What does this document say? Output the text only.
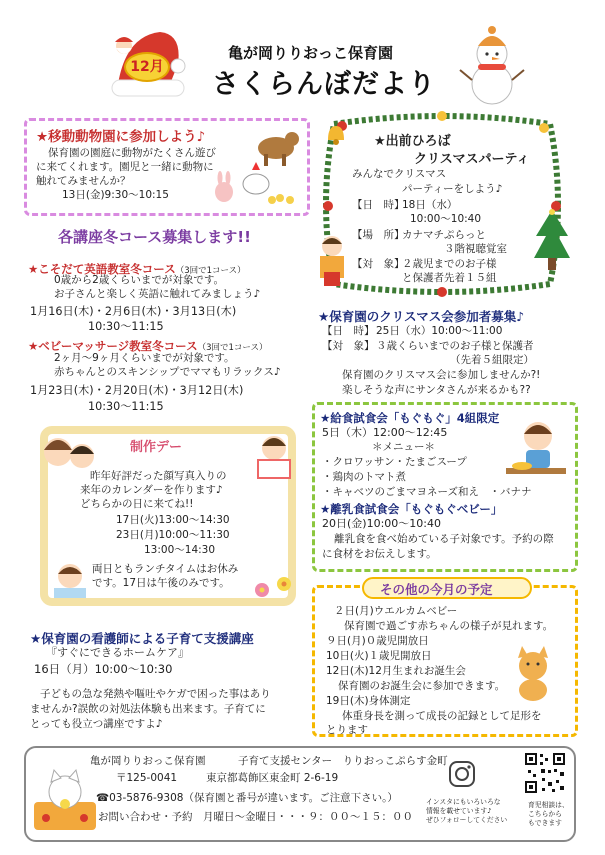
12月
亀が岡りりおっこ保育園
さくらんぼだより
★移動動物園に参加しよう♪
保育園の園庭に動物がたくさん遊び
に来てくれます。園児と一緒に動物に
触れてみませんか？
13日(金)9:30〜10:15
各講座冬コース募集します!!
★こそだて英語教室冬コース（3回で1コース）
0歳から2歳くらいまでが対象です。
お子さんと楽しく英語に触れてみましょう♪
1月16日(木)・2月6日(木)・3月13日(木)
10:30〜11:15
★ベビーマッサージ教室冬コース（3回で1コース）
2ヶ月〜9ヶ月くらいまでが対象です。
赤ちゃんとのスキンシップでママもリラックス♪
1月23日(木)・2月20日(木)・3月12日(木)
10:30〜11:15
制作デー
昨年好評だった顔写真入りの
来年のカレンダーを作ります♪
どちらかの日に来てね!!
17日(火)13:00〜14:30
23日(月)10:00〜11:30
13:00〜14:30
両日ともランチタイムはお休み
です。17日は午後のみです。
★保育園の看護師による子育て支援講座
『すぐにできるホームケア』
16日（月）10:00〜10:30
子どもの急な発熱や嘔吐やケガで困った事はあり
ませんか?誤飲の対処法体験も出来ます。子育てに
とっても役立つ講座ですよ♪
★出前ひろば
クリスマスパーティ
みんなでクリスマス
パーティーをしよう♪
【日　時】
18日（水）
10:00〜10:40
【場　所】
カナマチぷらっと
３階視聴覚室
【対　象】
２歳児までのお子様
と保護者先着１５組
★保育園のクリスマス会参加者募集♪
【日　時】 25日（水）10:00〜11:00
【対　象】 ３歳くらいまでのお子様と保護者
（先着５組限定）
保育園のクリスマス会に参加しませんか?!
楽しそうな声にサンタさんが来るかも??
★給食試食会「もぐもぐ」4組限定
5日（木）12:00〜12:45
＊メニュー＊
・クロワッサン・たまごスープ
・鶏肉のトマト煮
・キャベツのごまマヨネーズ和え　・バナナ
★離乳食試食会「もぐもぐベビー」
20日(金)10:00〜10:40
離乳食を食べ始めている子対象です。予約の際
に食材をお伝えします。
その他の今月の予定
２日(月)ウエルカムベビー
保育園で過ごす赤ちゃんの様子が見れます。
９日(月)０歳児開放日
10日(火)１歳児開放日
12日(木)12月生まれお誕生会
保育園のお誕生会に参加できます。
19日(木)身体測定
体重身長を測って成長の記録として足形を
とります
亀が岡りりおっこ保育園	子育て支援センター　りりおっこぷらす金町
〒125-0041	東京都葛飾区東金町 2-6-19
☎03-5876-9308（保育園と番号が違います。ご注意下さい。）
お問い合わせ・予約　月曜日〜金曜日・・・９：００〜１５：００
インスタにもいろいろな
情報を載せています♪
ぜひフォローしてください
育児相談は、
こちらから
もできます
